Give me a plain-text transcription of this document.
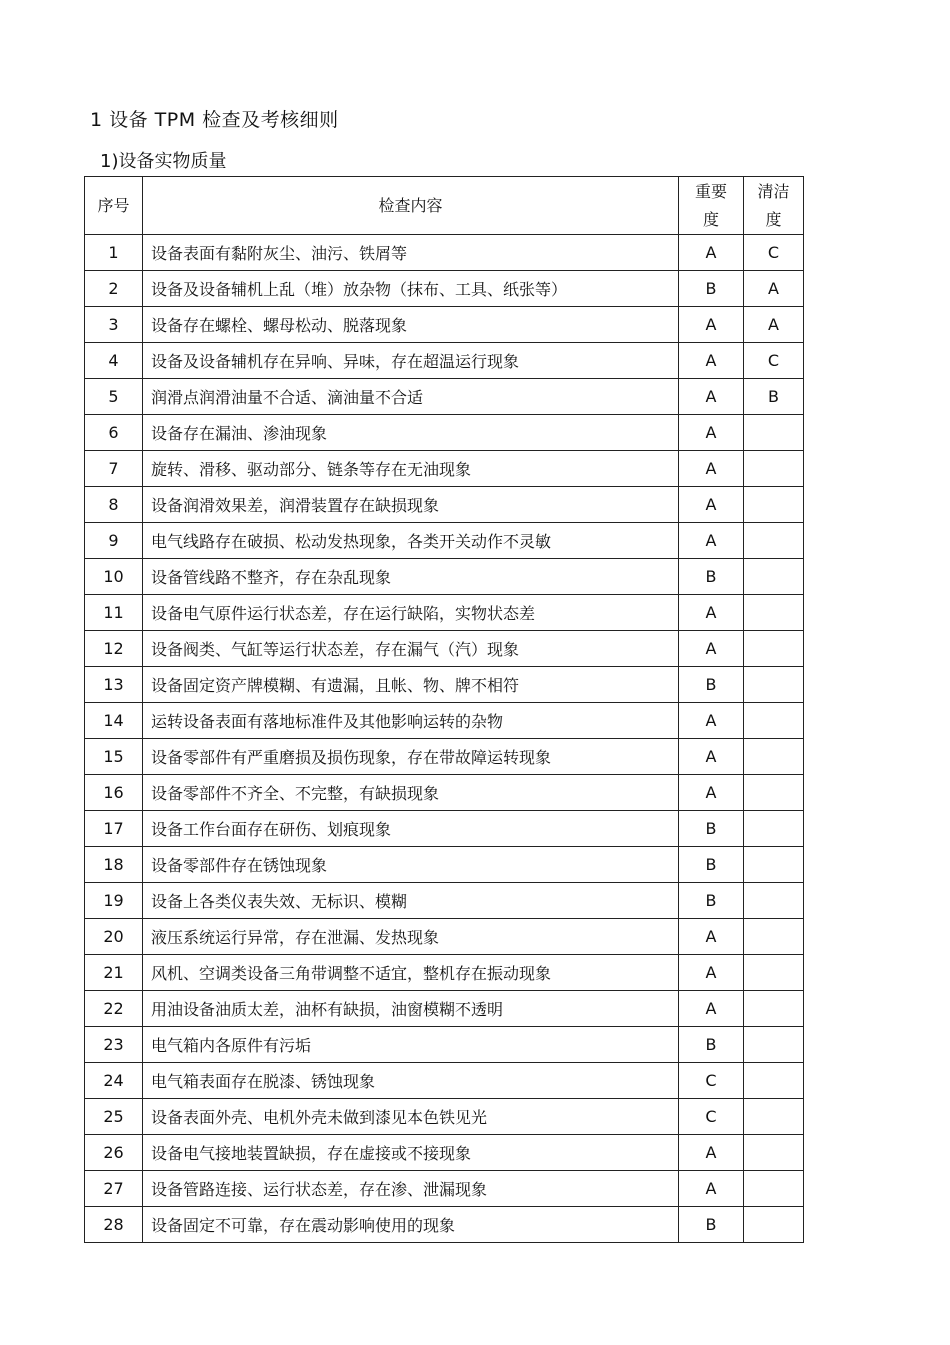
1 设备 TPM 检查及考核细则
1)设备实物质量
序号	检查内容	重要度	清洁度
1	设备表面有黏附灰尘、油污、铁屑等	A	C
2	设备及设备辅机上乱（堆）放杂物（抹布、工具、纸张等）	B	A
3	设备存在螺栓、螺母松动、脱落现象	A	A
4	设备及设备辅机存在异响、异味，存在超温运行现象	A	C
5	润滑点润滑油量不合适、滴油量不合适	A	B
6	设备存在漏油、渗油现象	A	
7	旋转、滑移、驱动部分、链条等存在无油现象	A	
8	设备润滑效果差，润滑装置存在缺损现象	A	
9	电气线路存在破损、松动发热现象，各类开关动作不灵敏	A	
10	设备管线路不整齐，存在杂乱现象	B	
11	设备电气原件运行状态差，存在运行缺陷，实物状态差	A	
12	设备阀类、气缸等运行状态差，存在漏气（汽）现象	A	
13	设备固定资产牌模糊、有遗漏，且帐、物、牌不相符	B	
14	运转设备表面有落地标准件及其他影响运转的杂物	A	
15	设备零部件有严重磨损及损伤现象，存在带故障运转现象	A	
16	设备零部件不齐全、不完整，有缺损现象	A	
17	设备工作台面存在研伤、划痕现象	B	
18	设备零部件存在锈蚀现象	B	
19	设备上各类仪表失效、无标识、模糊	B	
20	液压系统运行异常，存在泄漏、发热现象	A	
21	风机、空调类设备三角带调整不适宜，整机存在振动现象	A	
22	用油设备油质太差，油杯有缺损，油窗模糊不透明	A	
23	电气箱内各原件有污垢	B	
24	电气箱表面存在脱漆、锈蚀现象	C	
25	设备表面外壳、电机外壳未做到漆见本色铁见光	C	
26	设备电气接地装置缺损，存在虚接或不接现象	A	
27	设备管路连接、运行状态差，存在渗、泄漏现象	A	
28	设备固定不可靠，存在震动影响使用的现象	B	
